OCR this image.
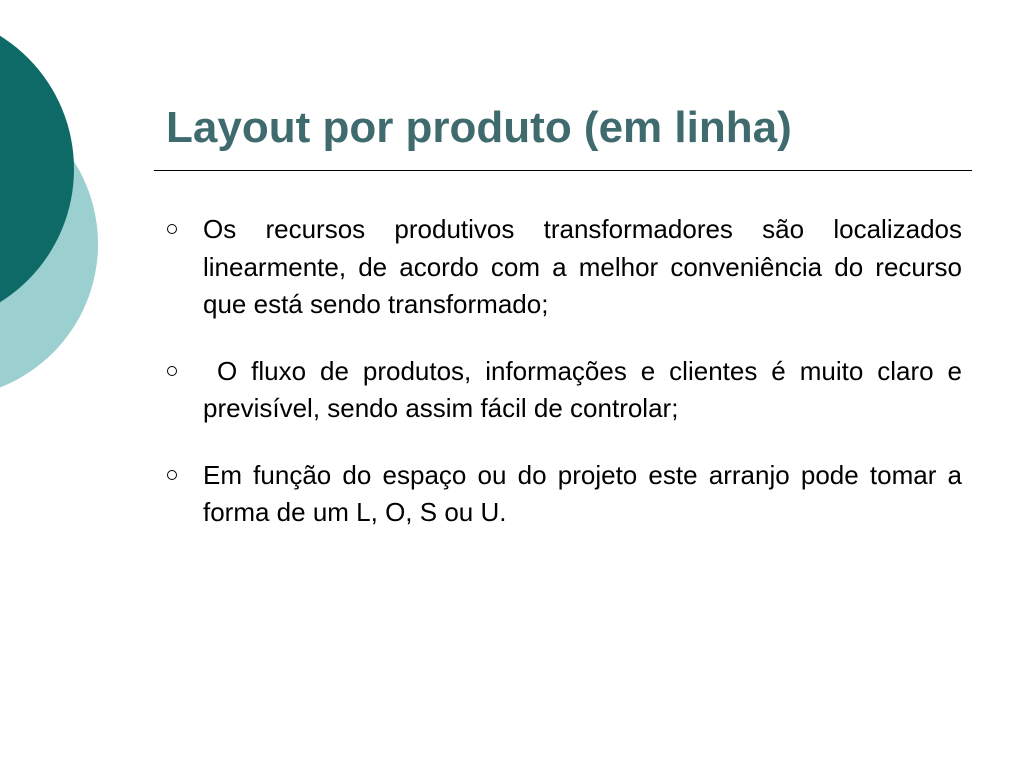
Layout por produto (em linha)
Os recursos produtivos transformadores são localizados linearmente, de acordo com a melhor conveniência do recurso que está sendo transformado;
O fluxo de produtos, informações e clientes é muito claro e previsível, sendo assim fácil de controlar;
Em função do espaço ou do projeto este arranjo pode tomar a forma de um L, O, S ou U.
